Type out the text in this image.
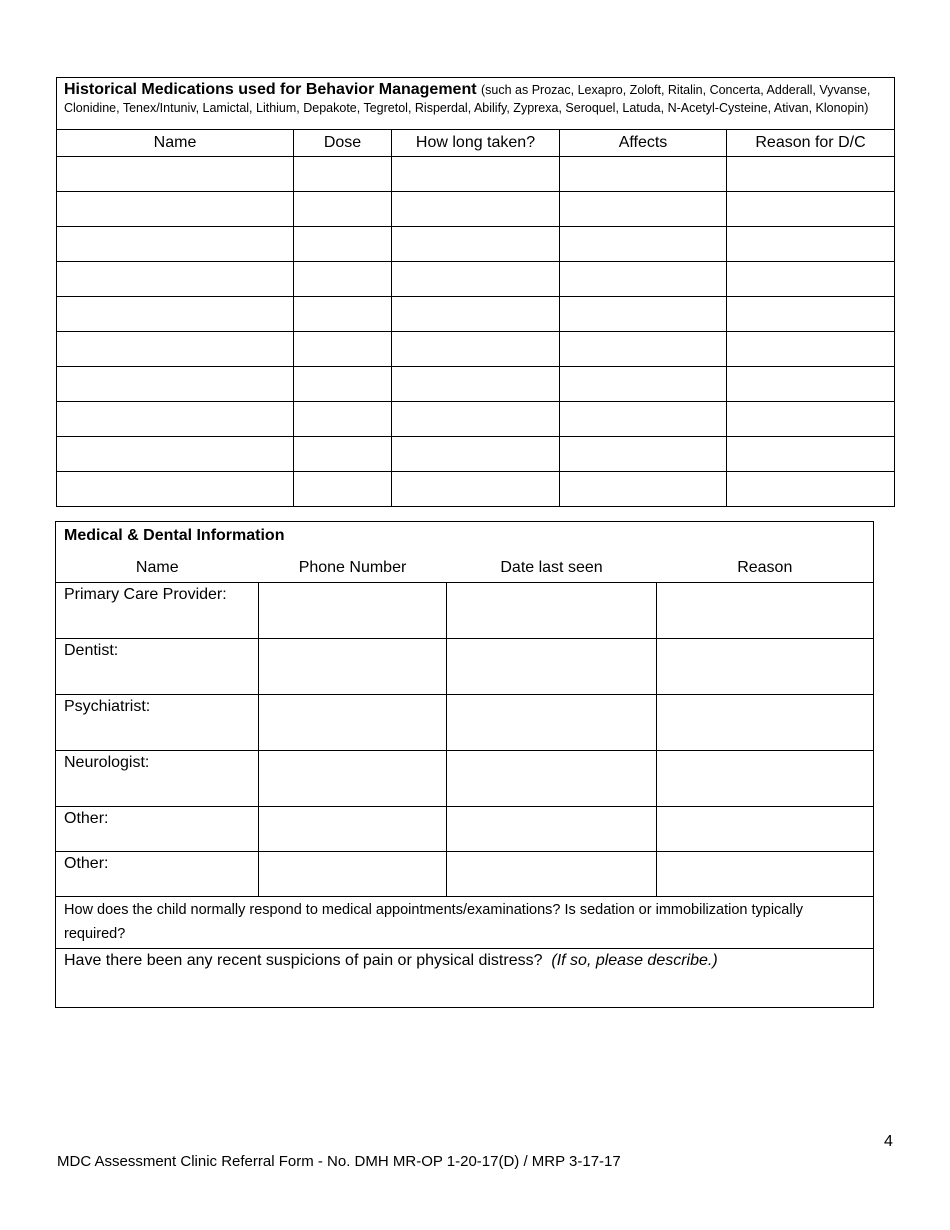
Historical Medications used for Behavior Management (such as Prozac, Lexapro, Zoloft, Ritalin, Concerta, Adderall, Vyvanse, Clonidine, Tenex/Intuniv, Lamictal, Lithium, Depakote, Tegretol, Risperdal, Abilify, Zyprexa, Seroquel, Latuda, N-Acetyl-Cysteine, Ativan, Klonopin)				
Name	Dose	How long taken?	Affects	Reason for D/C

Medical & Dental Information			
Name	Phone Number	Date last seen	Reason
Primary Care Provider:			
Dentist:			
Psychiatrist:			
Neurologist:			
Other:			
Other:			
How does the child normally respond to medical appointments/examinations? Is sedation or immobilization typically required?			
Have there been any recent suspicions of pain or physical distress? (If so, please describe.)			
4
MDC Assessment Clinic Referral Form - No. DMH MR-OP 1-20-17(D) / MRP 3-17-17
